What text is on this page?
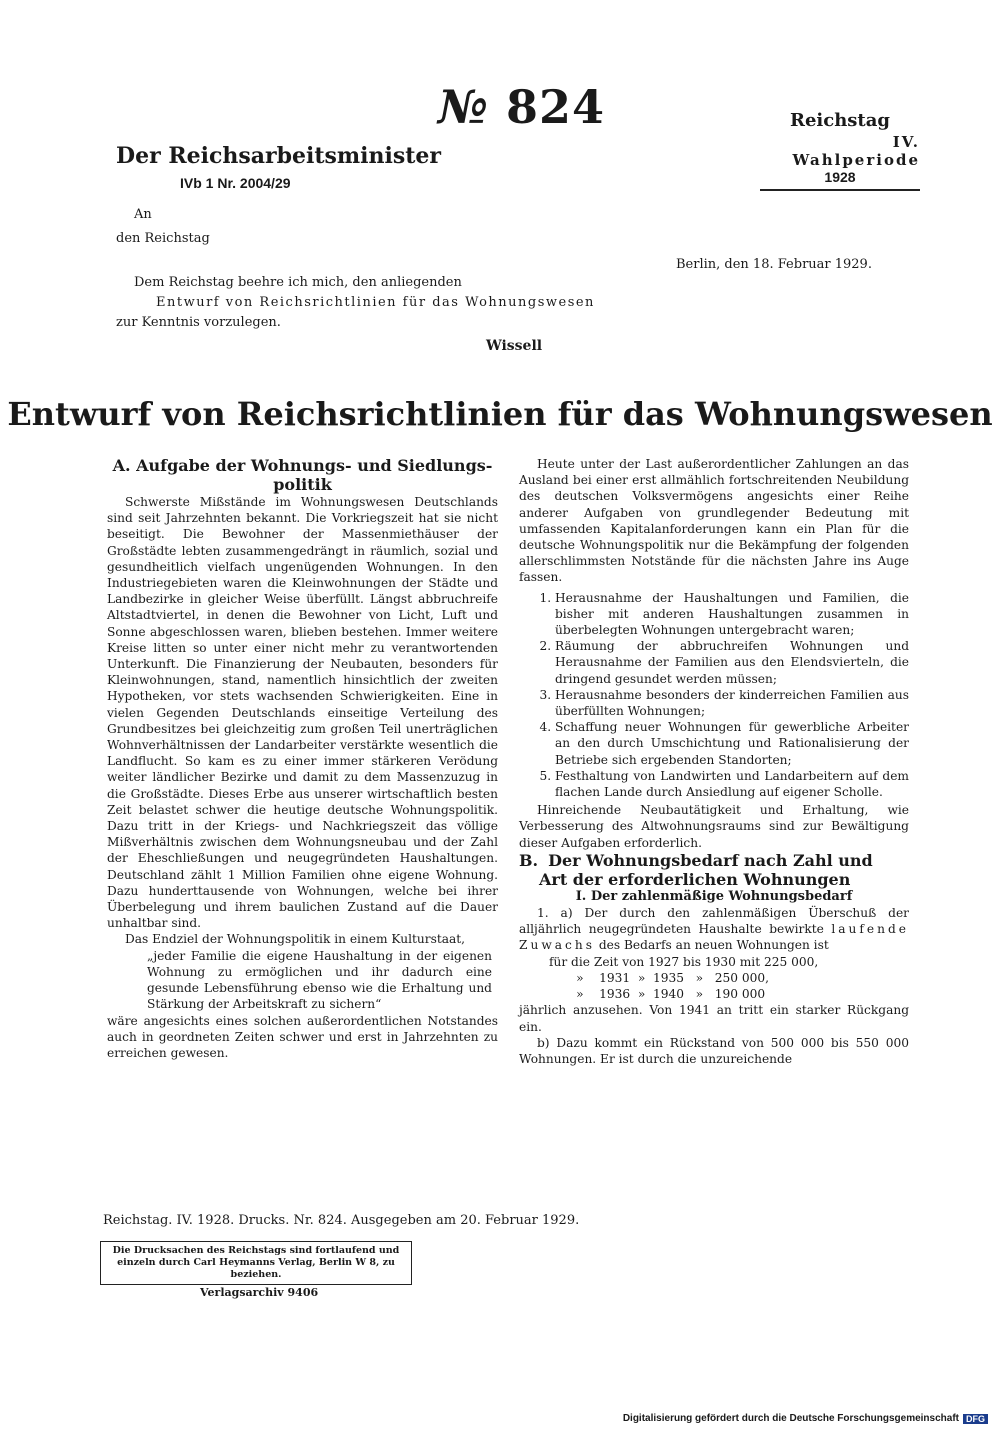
№ 824
Der Reichsarbeitsminister
IVb 1 Nr. 2004/29
Reichstag
IV. Wahlperiode
1928
An
den Reichstag
Berlin, den 18. Februar 1929.
Dem Reichstag beehre ich mich, den anliegenden
Entwurf von Reichsrichtlinien für das Wohnungswesen
zur Kenntnis vorzulegen.
Wissell
Entwurf von Reichsrichtlinien für das Wohnungswesen

A. Aufgabe der Wohnungs- und Siedlungs-politik

Schwerste Mißstände im Wohnungswesen Deutschlands sind seit Jahrzehnten bekannt. Die Vorkriegszeit hat sie nicht beseitigt. Die Bewohner der Massenmiethäuser der Großstädte lebten zusammengedrängt in räumlich, sozial und gesundheitlich vielfach ungenügenden Wohnungen. In den Industriegebieten waren die Kleinwohnungen der Städte und Landbezirke in gleicher Weise überfüllt. Längst abbruchreife Altstadtviertel, in denen die Bewohner von Licht, Luft und Sonne abgeschlossen waren, blieben bestehen. Immer weitere Kreise litten so unter einer nicht mehr zu verantwortenden Unterkunft. Die Finanzierung der Neubauten, besonders für Kleinwohnungen, stand, namentlich hinsichtlich der zweiten Hypotheken, vor stets wachsenden Schwierigkeiten. Eine in vielen Gegenden Deutschlands einseitige Verteilung des Grundbesitzes bei gleichzeitig zum großen Teil unerträglichen Wohnverhältnissen der Landarbeiter verstärkte wesentlich die Landflucht. So kam es zu einer immer stärkeren Verödung weiter ländlicher Bezirke und damit zu dem Massenzuzug in die Großstädte. Dieses Erbe aus unserer wirtschaftlich besten Zeit belastet schwer die heutige deutsche Wohnungspolitik. Dazu tritt in der Kriegs- und Nachkriegszeit das völlige Mißverhältnis zwischen dem Wohnungsneubau und der Zahl der Eheschließungen und neugegründeten Haushaltungen. Deutschland zählt 1 Million Familien ohne eigene Wohnung. Dazu hunderttausende von Wohnungen, welche bei ihrer Überbelegung und ihrem baulichen Zustand auf die Dauer unhaltbar sind.

Das Endziel der Wohnungspolitik in einem Kulturstaat,

„jeder Familie die eigene Haushaltung in der eigenen Wohnung zu ermöglichen und ihr dadurch eine gesunde Lebensführung ebenso wie die Erhaltung und Stärkung der Arbeitskraft zu sichern“

wäre angesichts eines solchen außerordentlichen Notstandes auch in geordneten Zeiten schwer und erst in Jahrzehnten zu erreichen gewesen.

Heute unter der Last außerordentlicher Zahlungen an das Ausland bei einer erst allmählich fortschreitenden Neubildung des deutschen Volksvermögens angesichts einer Reihe anderer Aufgaben von grundlegender Bedeutung mit umfassenden Kapitalanforderungen kann ein Plan für die deutsche Wohnungspolitik nur die Bekämpfung der folgenden allerschlimmsten Notstände für die nächsten Jahre ins Auge fassen.

1. Herausnahme der Haushaltungen und Familien, die bisher mit anderen Haushaltungen zusammen in überbelegten Wohnungen untergebracht waren;
2. Räumung der abbruchreifen Wohnungen und Herausnahme der Familien aus den Elendsvierteln, die dringend gesundet werden müssen;
3. Herausnahme besonders der kinderreichen Familien aus überfüllten Wohnungen;
4. Schaffung neuer Wohnungen für gewerbliche Arbeiter an den durch Umschichtung und Rationalisierung der Betriebe sich ergebenden Standorten;
5. Festhaltung von Landwirten und Landarbeitern auf dem flachen Lande durch Ansiedlung auf eigener Scholle.

Hinreichende Neubautätigkeit und Erhaltung, wie Verbesserung des Altwohnungsraums sind zur Bewältigung dieser Aufgaben erforderlich.

B. Der Wohnungsbedarf nach Zahl und
Art der erforderlichen Wohnungen

I. Der zahlenmäßige Wohnungsbedarf

1. a) Der durch den zahlenmäßigen Überschuß der alljährlich neugegründeten Haushalte bewirkte laufende Zuwachs des Bedarfs an neuen Wohnungen ist

für die Zeit von 1927 bis 1930 mit 225 000,
»    1931  »  1935   »   250 000,
»    1936  »  1940   »   190 000

jährlich anzusehen. Von 1941 an tritt ein starker Rückgang ein.

b) Dazu kommt ein Rückstand von 500 000 bis 550 000 Wohnungen. Er ist durch die unzureichende

Reichstag. IV. 1928. Drucks. Nr. 824. Ausgegeben am 20. Februar 1929.
Die Drucksachen des Reichstags sind fortlaufend und einzeln durch Carl Heymanns Verlag, Berlin W 8, zu beziehen.
Verlagsarchiv 9406
Digitalisierung gefördert durch die Deutsche Forschungsgemeinschaft DFG
